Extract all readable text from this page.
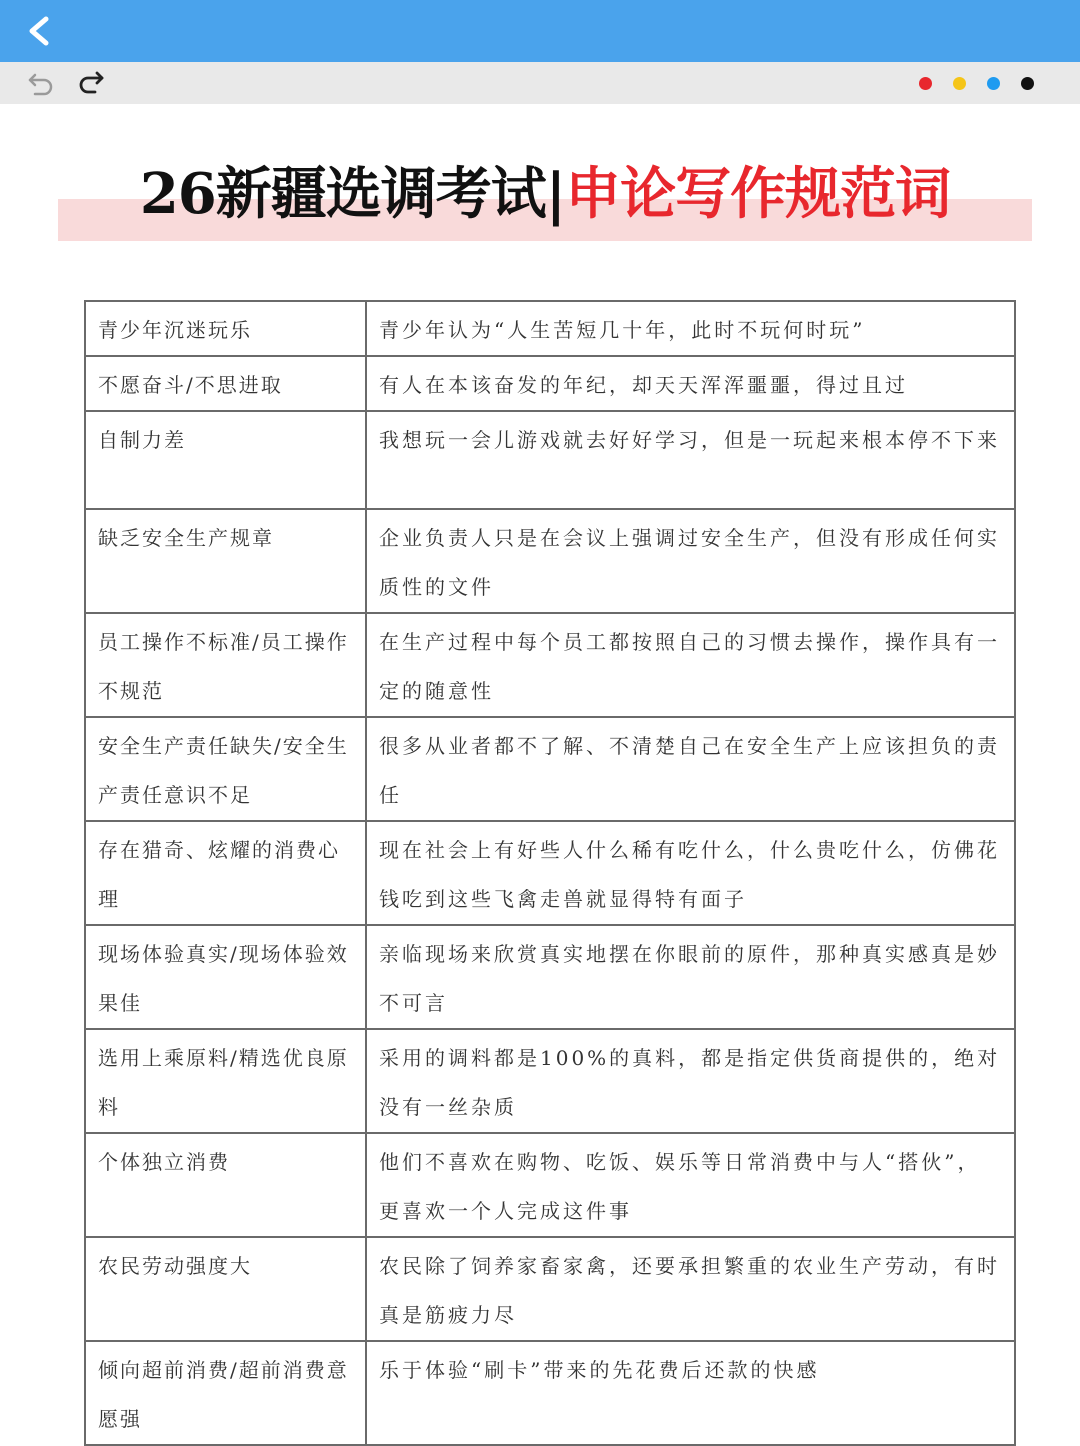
26新疆选调考试|申论写作规范词
青少年沉迷玩乐	青少年认为“人生苦短几十年，此时不玩何时玩”
不愿奋斗/不思进取	有人在本该奋发的年纪，却天天浑浑噩噩，得过且过
自制力差	我想玩一会儿游戏就去好好学习，但是一玩起来根本停不下来
缺乏安全生产规章	企业负责人只是在会议上强调过安全生产，但没有形成任何实质性的文件
员工操作不标准/员工操作不规范	在生产过程中每个员工都按照自己的习惯去操作，操作具有一定的随意性
安全生产责任缺失/安全生产责任意识不足	很多从业者都不了解、不清楚自己在安全生产上应该担负的责任
存在猎奇、炫耀的消费心理	现在社会上有好些人什么稀有吃什么，什么贵吃什么，仿佛花钱吃到这些飞禽走兽就显得特有面子
现场体验真实/现场体验效果佳	亲临现场来欣赏真实地摆在你眼前的原件，那种真实感真是妙不可言
选用上乘原料/精选优良原料	采用的调料都是100%的真料，都是指定供货商提供的，绝对没有一丝杂质
个体独立消费	他们不喜欢在购物、吃饭、娱乐等日常消费中与人“搭伙”，更喜欢一个人完成这件事
农民劳动强度大	农民除了饲养家畜家禽，还要承担繁重的农业生产劳动，有时真是筋疲力尽
倾向超前消费/超前消费意愿强	乐于体验“刷卡”带来的先花费后还款的快感
